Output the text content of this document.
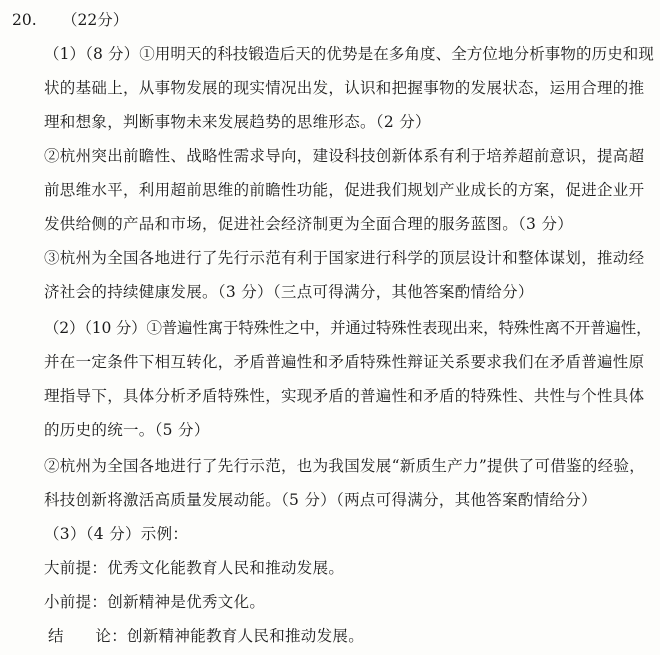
20. （22分）
（1）（8 分）①用明天的科技锻造后天的优势是在多角度、全方位地分析事物的历史和现
状的基础上，从事物发展的现实情况出发，认识和把握事物的发展状态，运用合理的推
理和想象，判断事物未来发展趋势的思维形态。（2 分）
②杭州突出前瞻性、战略性需求导向，建设科技创新体系有利于培养超前意识，提高超
前思维水平，利用超前思维的前瞻性功能，促进我们规划产业成长的方案，促进企业开
发供给侧的产品和市场，促进社会经济制更为全面合理的服务蓝图。（3 分）
③杭州为全国各地进行了先行示范有利于国家进行科学的顶层设计和整体谋划，推动经
济社会的持续健康发展。（3 分）（三点可得满分，其他答案酌情给分）
（2）（10 分）①普遍性寓于特殊性之中，并通过特殊性表现出来，特殊性离不开普遍性，
并在一定条件下相互转化，矛盾普遍性和矛盾特殊性辩证关系要求我们在矛盾普遍性原
理指导下，具体分析矛盾特殊性，实现矛盾的普遍性和矛盾的特殊性、共性与个性具体
的历史的统一。（5 分）
②杭州为全国各地进行了先行示范，也为我国发展“新质生产力”提供了可借鉴的经验，
科技创新将激活高质量发展动能。（5 分）（两点可得满分，其他答案酌情给分）
（3）（4 分）示例：
大前提：优秀文化能教育人民和推动发展。
小前提：创新精神是优秀文化。
结　　论：创新精神能教育人民和推动发展。
